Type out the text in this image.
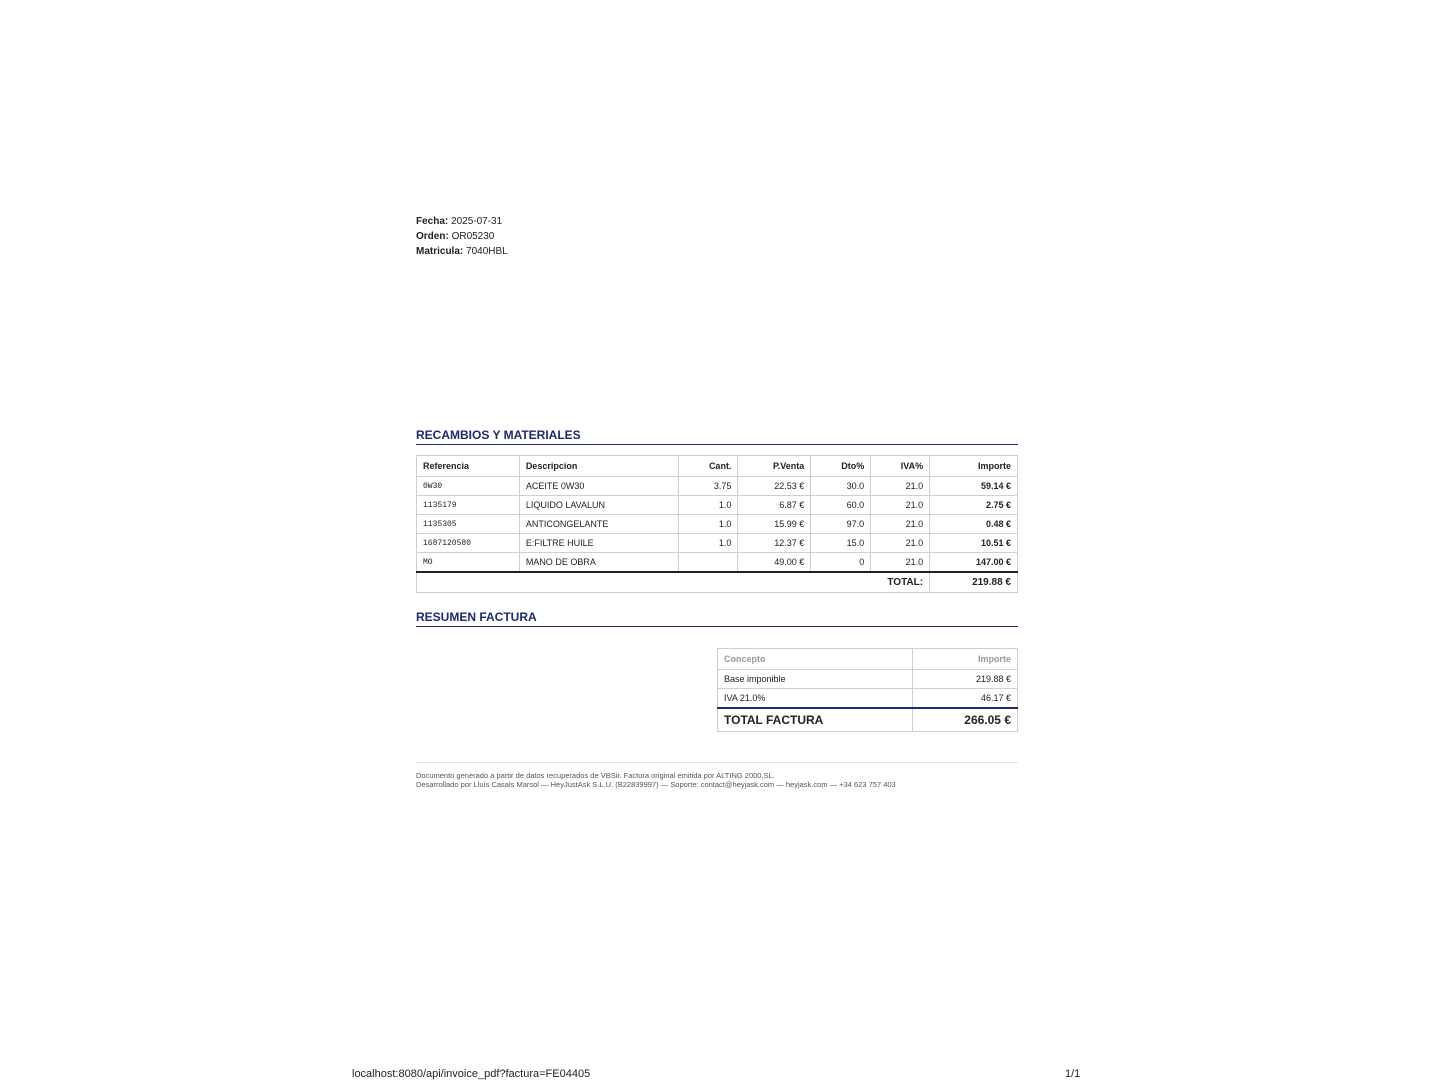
Fecha: 2025-07-31
Orden: OR05230
Matricula: 7040HBL
RECAMBIOS Y MATERIALES
Referencia	Descripcion	Cant.	P.Venta	Dto%	IVA%	Importe
0W30	ACEITE 0W30	3.75	22.53 €	30.0	21.0	59.14 €
1135179	LIQUIDO LAVALUN	1.0	6.87 €	60.0	21.0	2.75 €
1135305	ANTICONGELANTE	1.0	15.99 €	97.0	21.0	0.48 €
1687120580	E:FILTRE HUILE	1.0	12.37 €	15.0	21.0	10.51 €
MO	MANO DE OBRA		49.00 €	0	21.0	147.00 €
TOTAL:						219.88 €
RESUMEN FACTURA
Concepto	Importe
Base imponible	219.88 €
IVA 21.0%	46.17 €
TOTAL FACTURA	266.05 €
Documento generado a partir de datos recuperados de VBSir. Factura original emitida por ALTING 2000,SL.
Desarrollado por Lluís Casals Marsol — HeyJustAsk S.L.U. (B22839997) — Soporte: contact@heyjask.com — heyjask.com — +34 623 757 403
localhost:8080/api/invoice_pdf?factura=FE04405	1/1
